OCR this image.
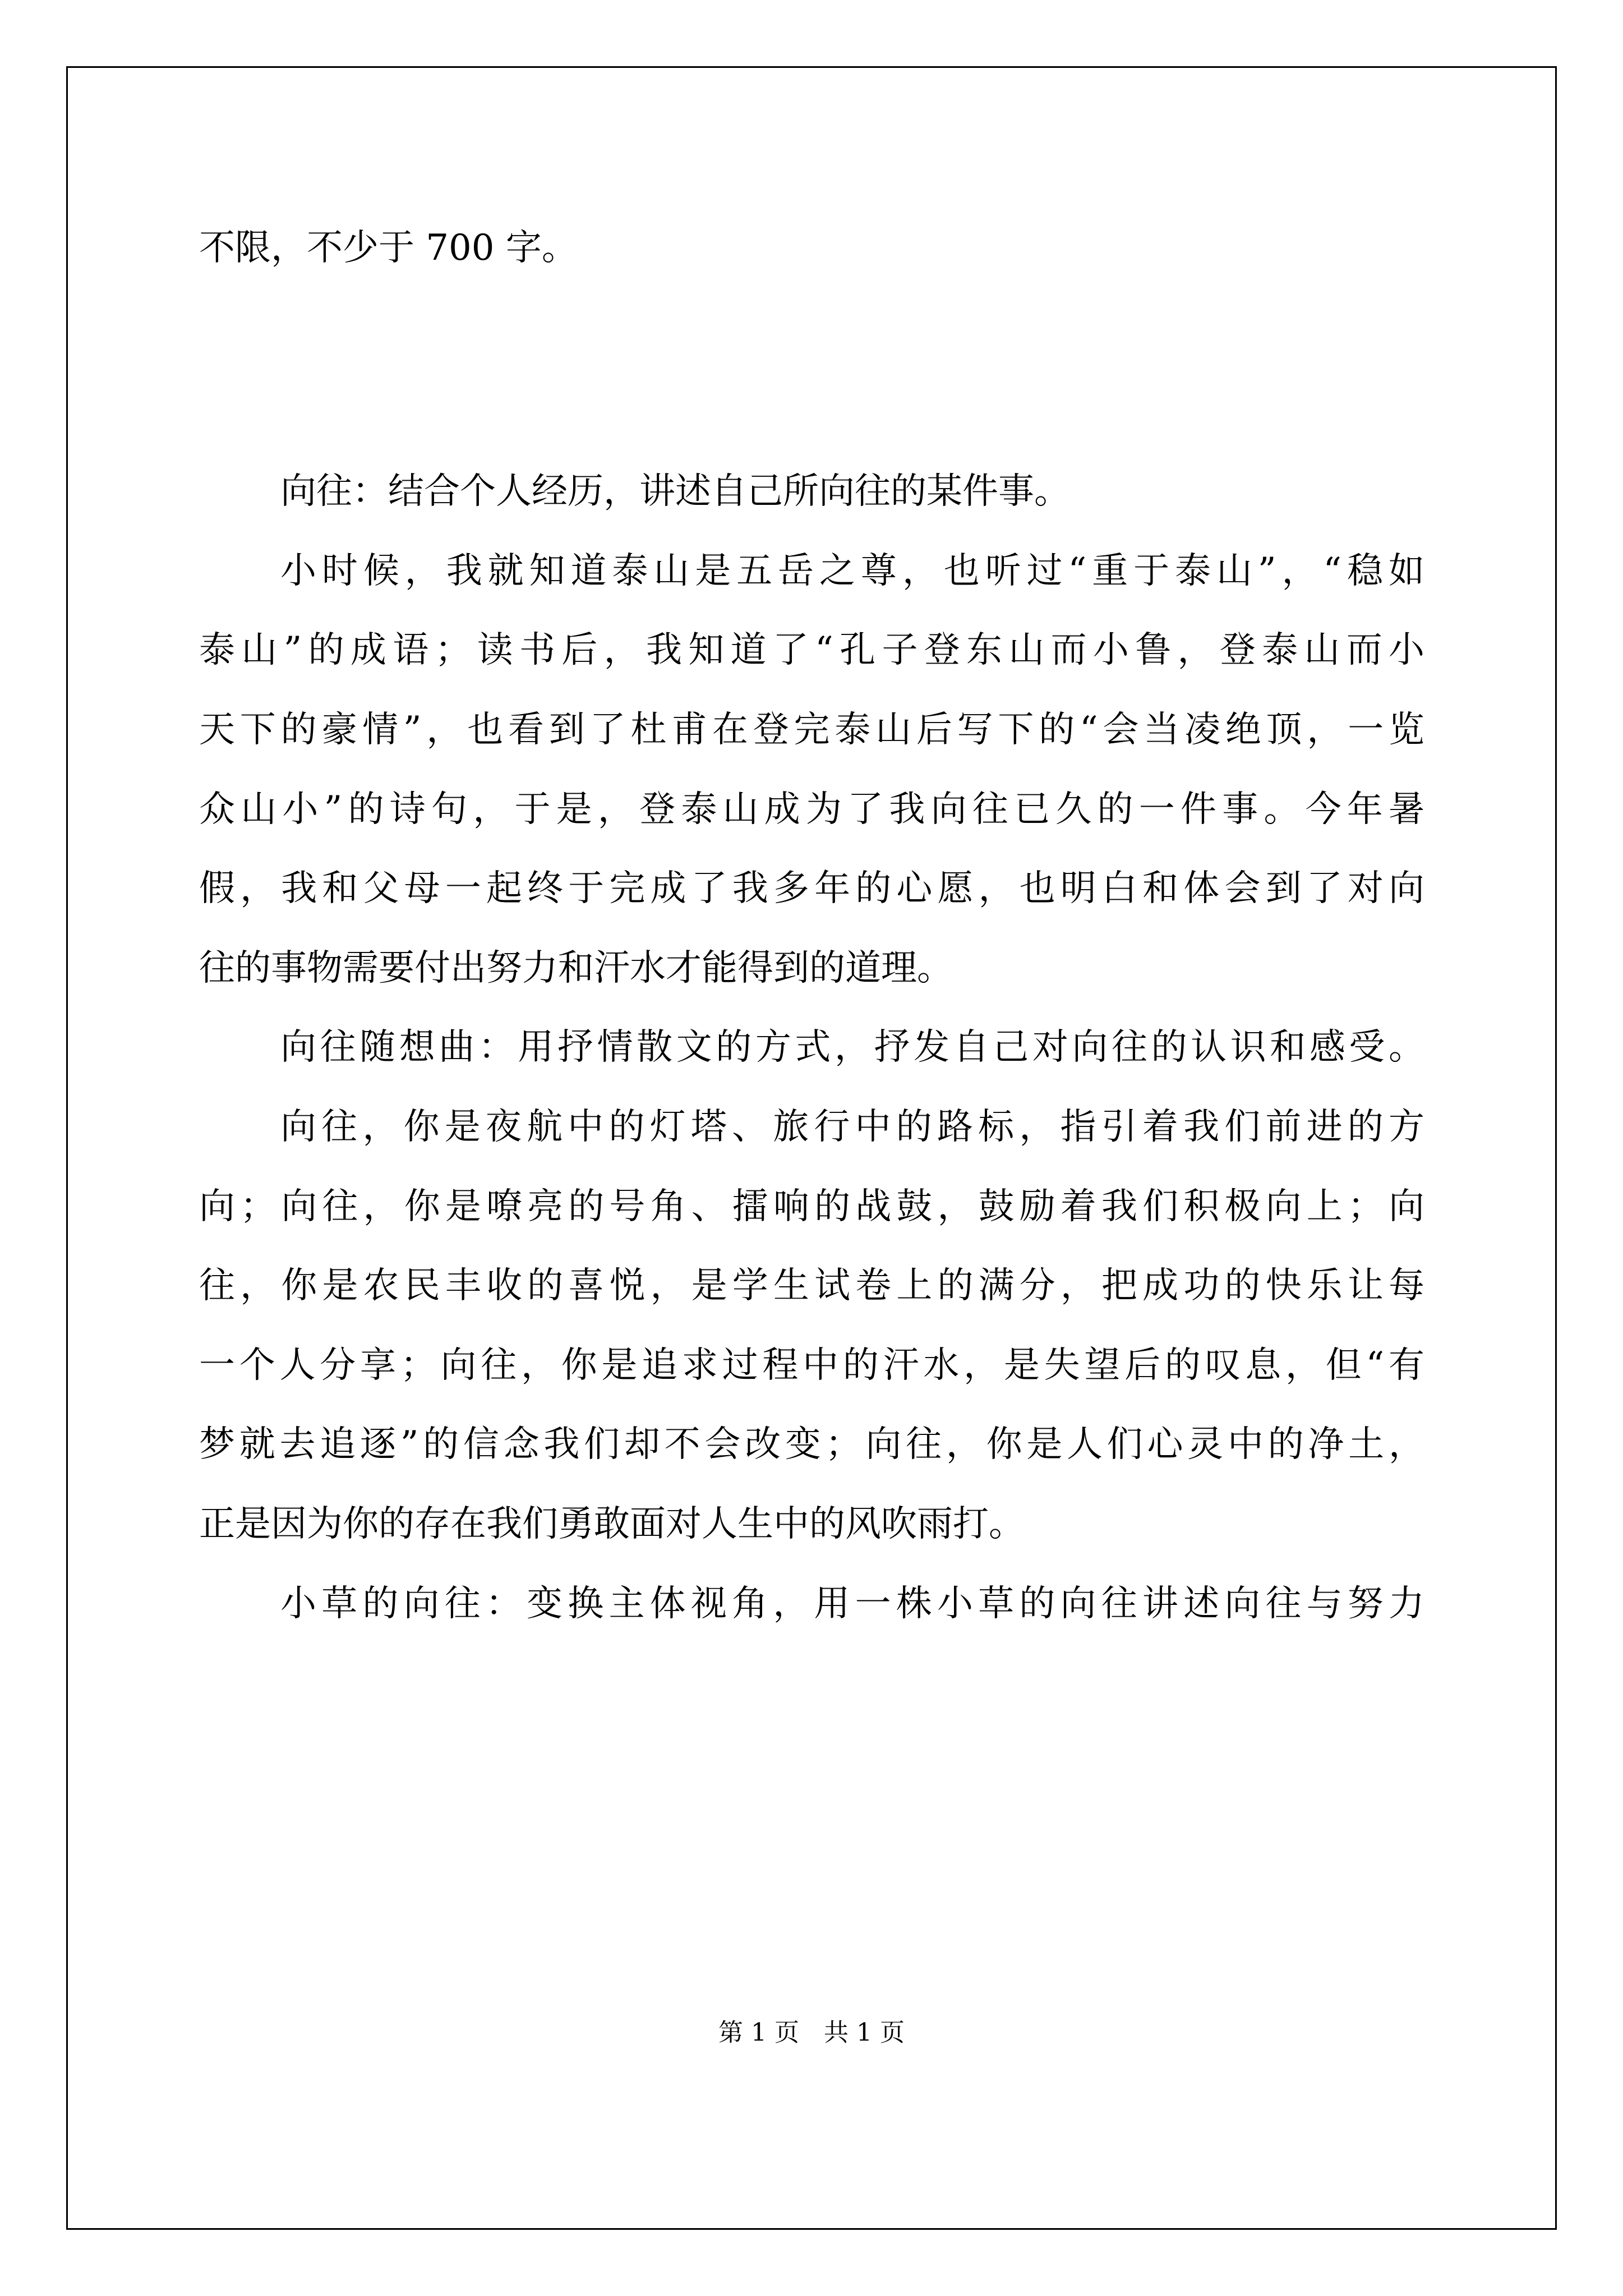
不限，不少于 700 字。
向往：结合个人经历，讲述自己所向往的某件事。
小时候，我就知道泰山是五岳之尊，也听过“重于泰山”，“稳如
泰山”的成语；读书后，我知道了“孔子登东山而小鲁，登泰山而小
天下的豪情”，也看到了杜甫在登完泰山后写下的“会当凌绝顶，一览
众山小”的诗句，于是，登泰山成为了我向往已久的一件事。今年暑
假，我和父母一起终于完成了我多年的心愿，也明白和体会到了对向
往的事物需要付出努力和汗水才能得到的道理。
向往随想曲：用抒情散文的方式，抒发自己对向往的认识和感受。
向往，你是夜航中的灯塔、旅行中的路标，指引着我们前进的方
向；向往，你是嘹亮的号角、擂响的战鼓，鼓励着我们积极向上；向
往，你是农民丰收的喜悦，是学生试卷上的满分，把成功的快乐让每
一个人分享；向往，你是追求过程中的汗水，是失望后的叹息，但“有
梦就去追逐”的信念我们却不会改变；向往，你是人们心灵中的净土，
正是因为你的存在我们勇敢面对人生中的风吹雨打。
小草的向往：变换主体视角，用一株小草的向往讲述向往与努力
第 1 页　共 1 页
